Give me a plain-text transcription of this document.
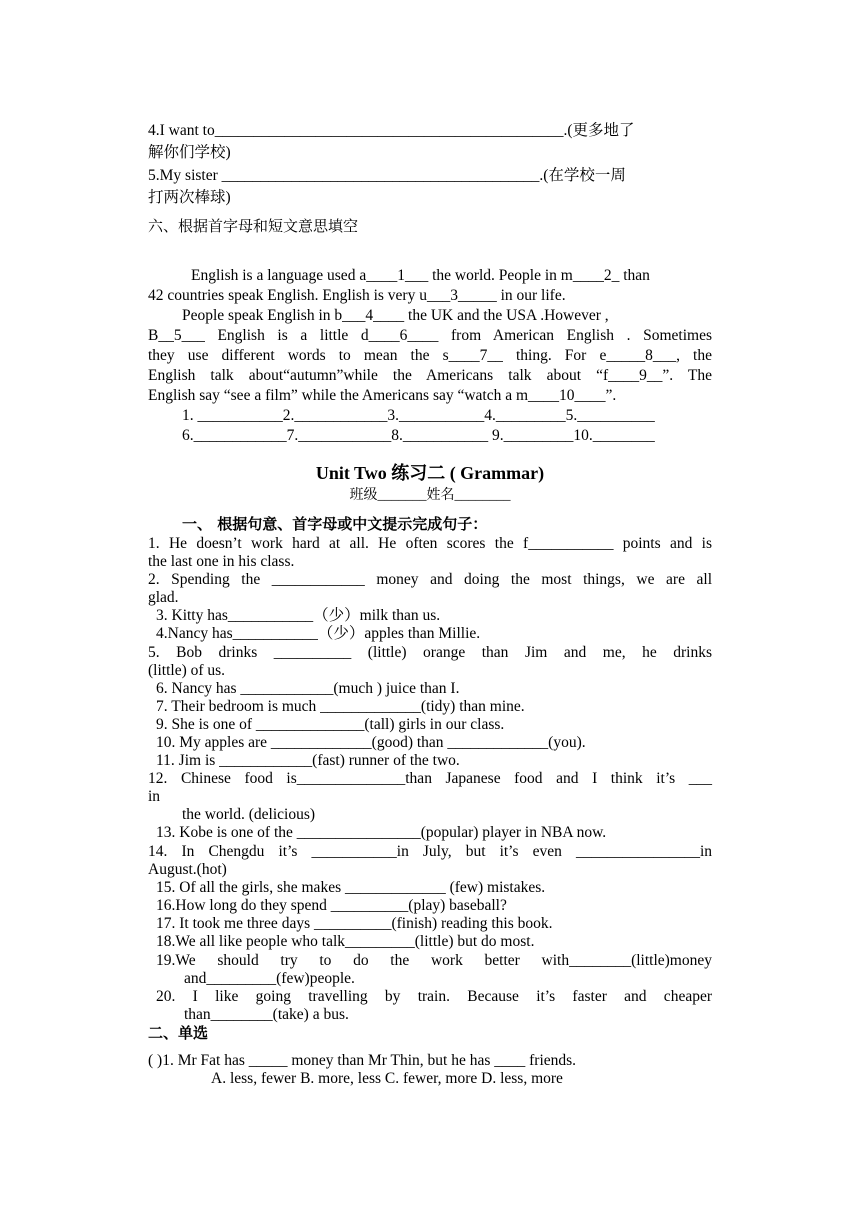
4.I want to_____________________________________________.(更多地了
解你们学校)
5.My sister _________________________________________.(在学校一周
打两次棒球)
六、根据首字母和短文意思填空
English is a language used a____1___ the world. People in m____2_ than
42 countries speak English. English is very u___3_____ in our life.
People speak English in b___4____ the UK and the USA .However ,
B__5___ English is a little d____6____ from American English . Sometimes
they use different words to mean the s____7__ thing. For e_____8___, the
English talk about“autumn”while the Americans talk about “f____9__”. The
English say “see a film” while the Americans say “watch a m____10____”.
1. ___________2.____________3.___________4._________5.__________
6.____________7.____________8.___________ 9._________10.________
Unit Two 练习二 ( Grammar)
班级_______姓名________
一、 根据句意、首字母或中文提示完成句子：
1. He doesn’t work hard at all. He often scores the f___________ points and is
the last one in his class.
2. Spending the ____________ money and doing the most things, we are all
glad.
3. Kitty has___________（少）milk than us.
4.Nancy has___________（少）apples than Millie.
5. Bob drinks __________ (little) orange than Jim and me, he drinks
(little) of us.
6. Nancy has ____________(much ) juice than I.
7. Their bedroom is much _____________(tidy) than mine.
9. She is one of ______________(tall) girls in our class.
10. My apples are _____________(good) than _____________(you).
11. Jim is ____________(fast) runner of the two.
12. Chinese food is______________than Japanese food and I think it’s ___
in
the world. (delicious)
13. Kobe is one of the ________________(popular) player in NBA now.
14. In Chengdu it’s ___________in July, but it’s even ________________in
August.(hot)
15. Of all the girls, she makes _____________ (few) mistakes.
16.How long do they spend __________(play) baseball?
17. It took me three days __________(finish) reading this book.
18.We all like people who talk_________(little) but do most.
19.We should try to do the work better with________(little)money
and_________(few)people.
20. I like going travelling by train. Because it’s faster and cheaper
than________(take) a bus.
二、单选
( )1. Mr Fat has _____ money than Mr Thin, but he has ____ friends.
A. less, fewer B. more, less C. fewer, more D. less, more
